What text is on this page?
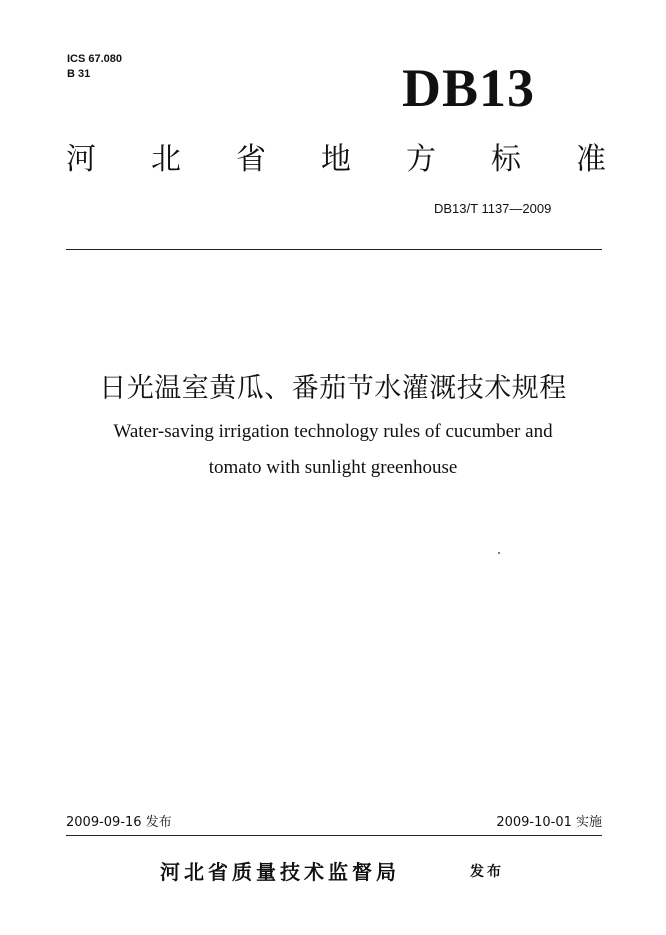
ICS 67.080
B 31	DB13
河 北 省 地 方 标 准
DB13/T 1137—2009
日光温室黄瓜、番茄节水灌溉技术规程
Water-saving irrigation technology rules of cucumber and
tomato with sunlight greenhouse
2009-09-16 发布	2009-10-01 实施
河北省质量技术监督局	发布
